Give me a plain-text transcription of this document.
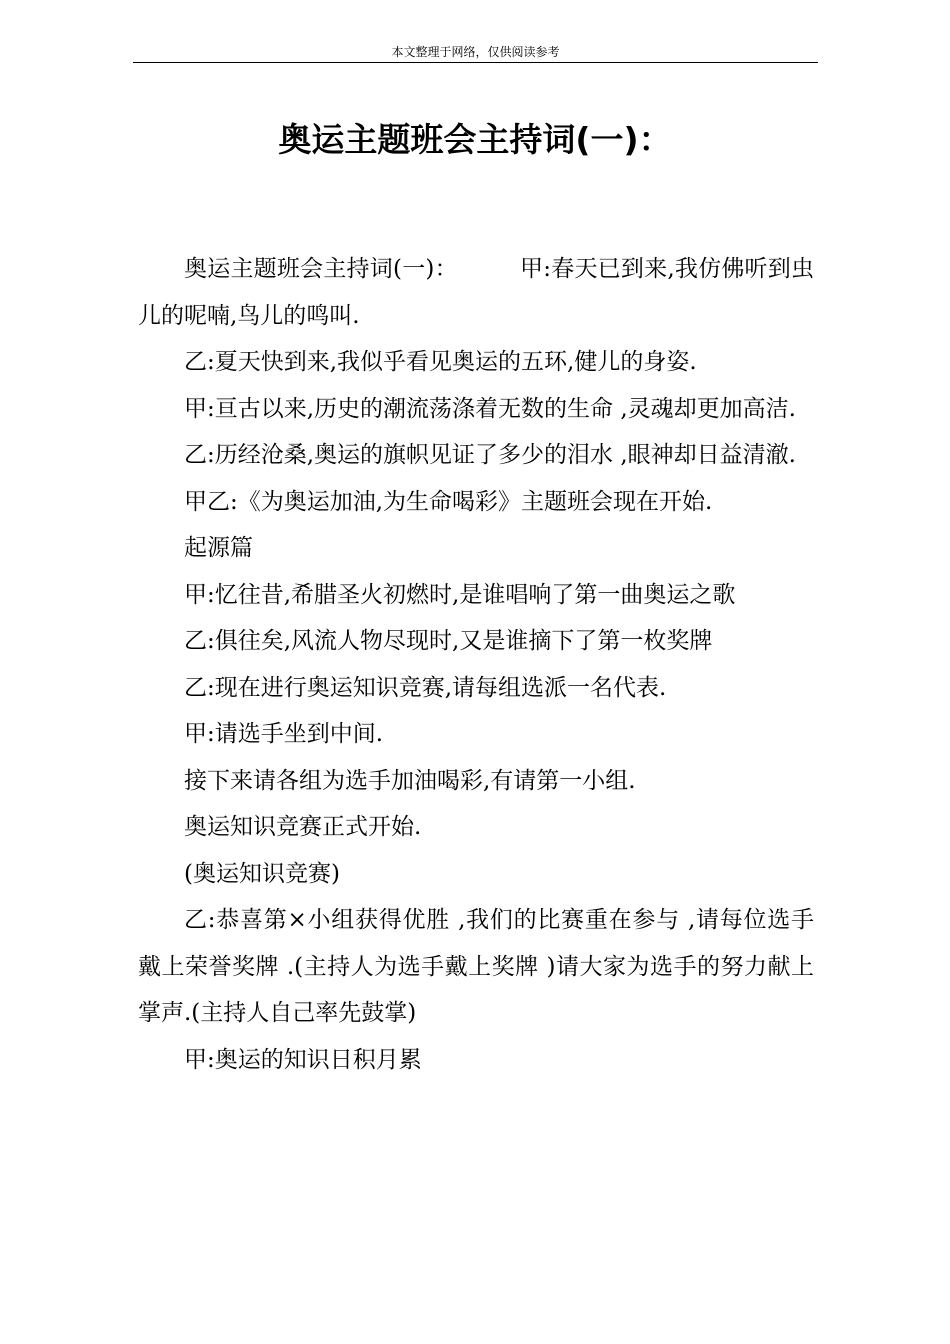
本文整理于网络，仅供阅读参考
奥运主题班会主持词(一)：

奥运主题班会主持词(一)：	甲:春天已到来,我仿佛听到虫儿的呢喃,鸟儿的鸣叫.

乙:夏天快到来,我似乎看见奥运的五环,健儿的身姿.

甲:亘古以来,历史的潮流荡涤着无数的生命 ,灵魂却更加高洁.

乙:历经沧桑,奥运的旗帜见证了多少的泪水 ,眼神却日益清澈.

甲乙:《为奥运加油,为生命喝彩》主题班会现在开始.

起源篇

甲:忆往昔,希腊圣火初燃时,是谁唱响了第一曲奥运之歌

乙:俱往矣,风流人物尽现时,又是谁摘下了第一枚奖牌

乙:现在进行奥运知识竞赛,请每组选派一名代表.

甲:请选手坐到中间.

接下来请各组为选手加油喝彩,有请第一小组.

奥运知识竞赛正式开始.

(奥运知识竞赛)

乙:恭喜第×小组获得优胜 ,我们的比赛重在参与 ,请每位选手戴上荣誉奖牌 .(主持人为选手戴上奖牌 )请大家为选手的努力献上掌声.(主持人自己率先鼓掌)

甲:奥运的知识日积月累
